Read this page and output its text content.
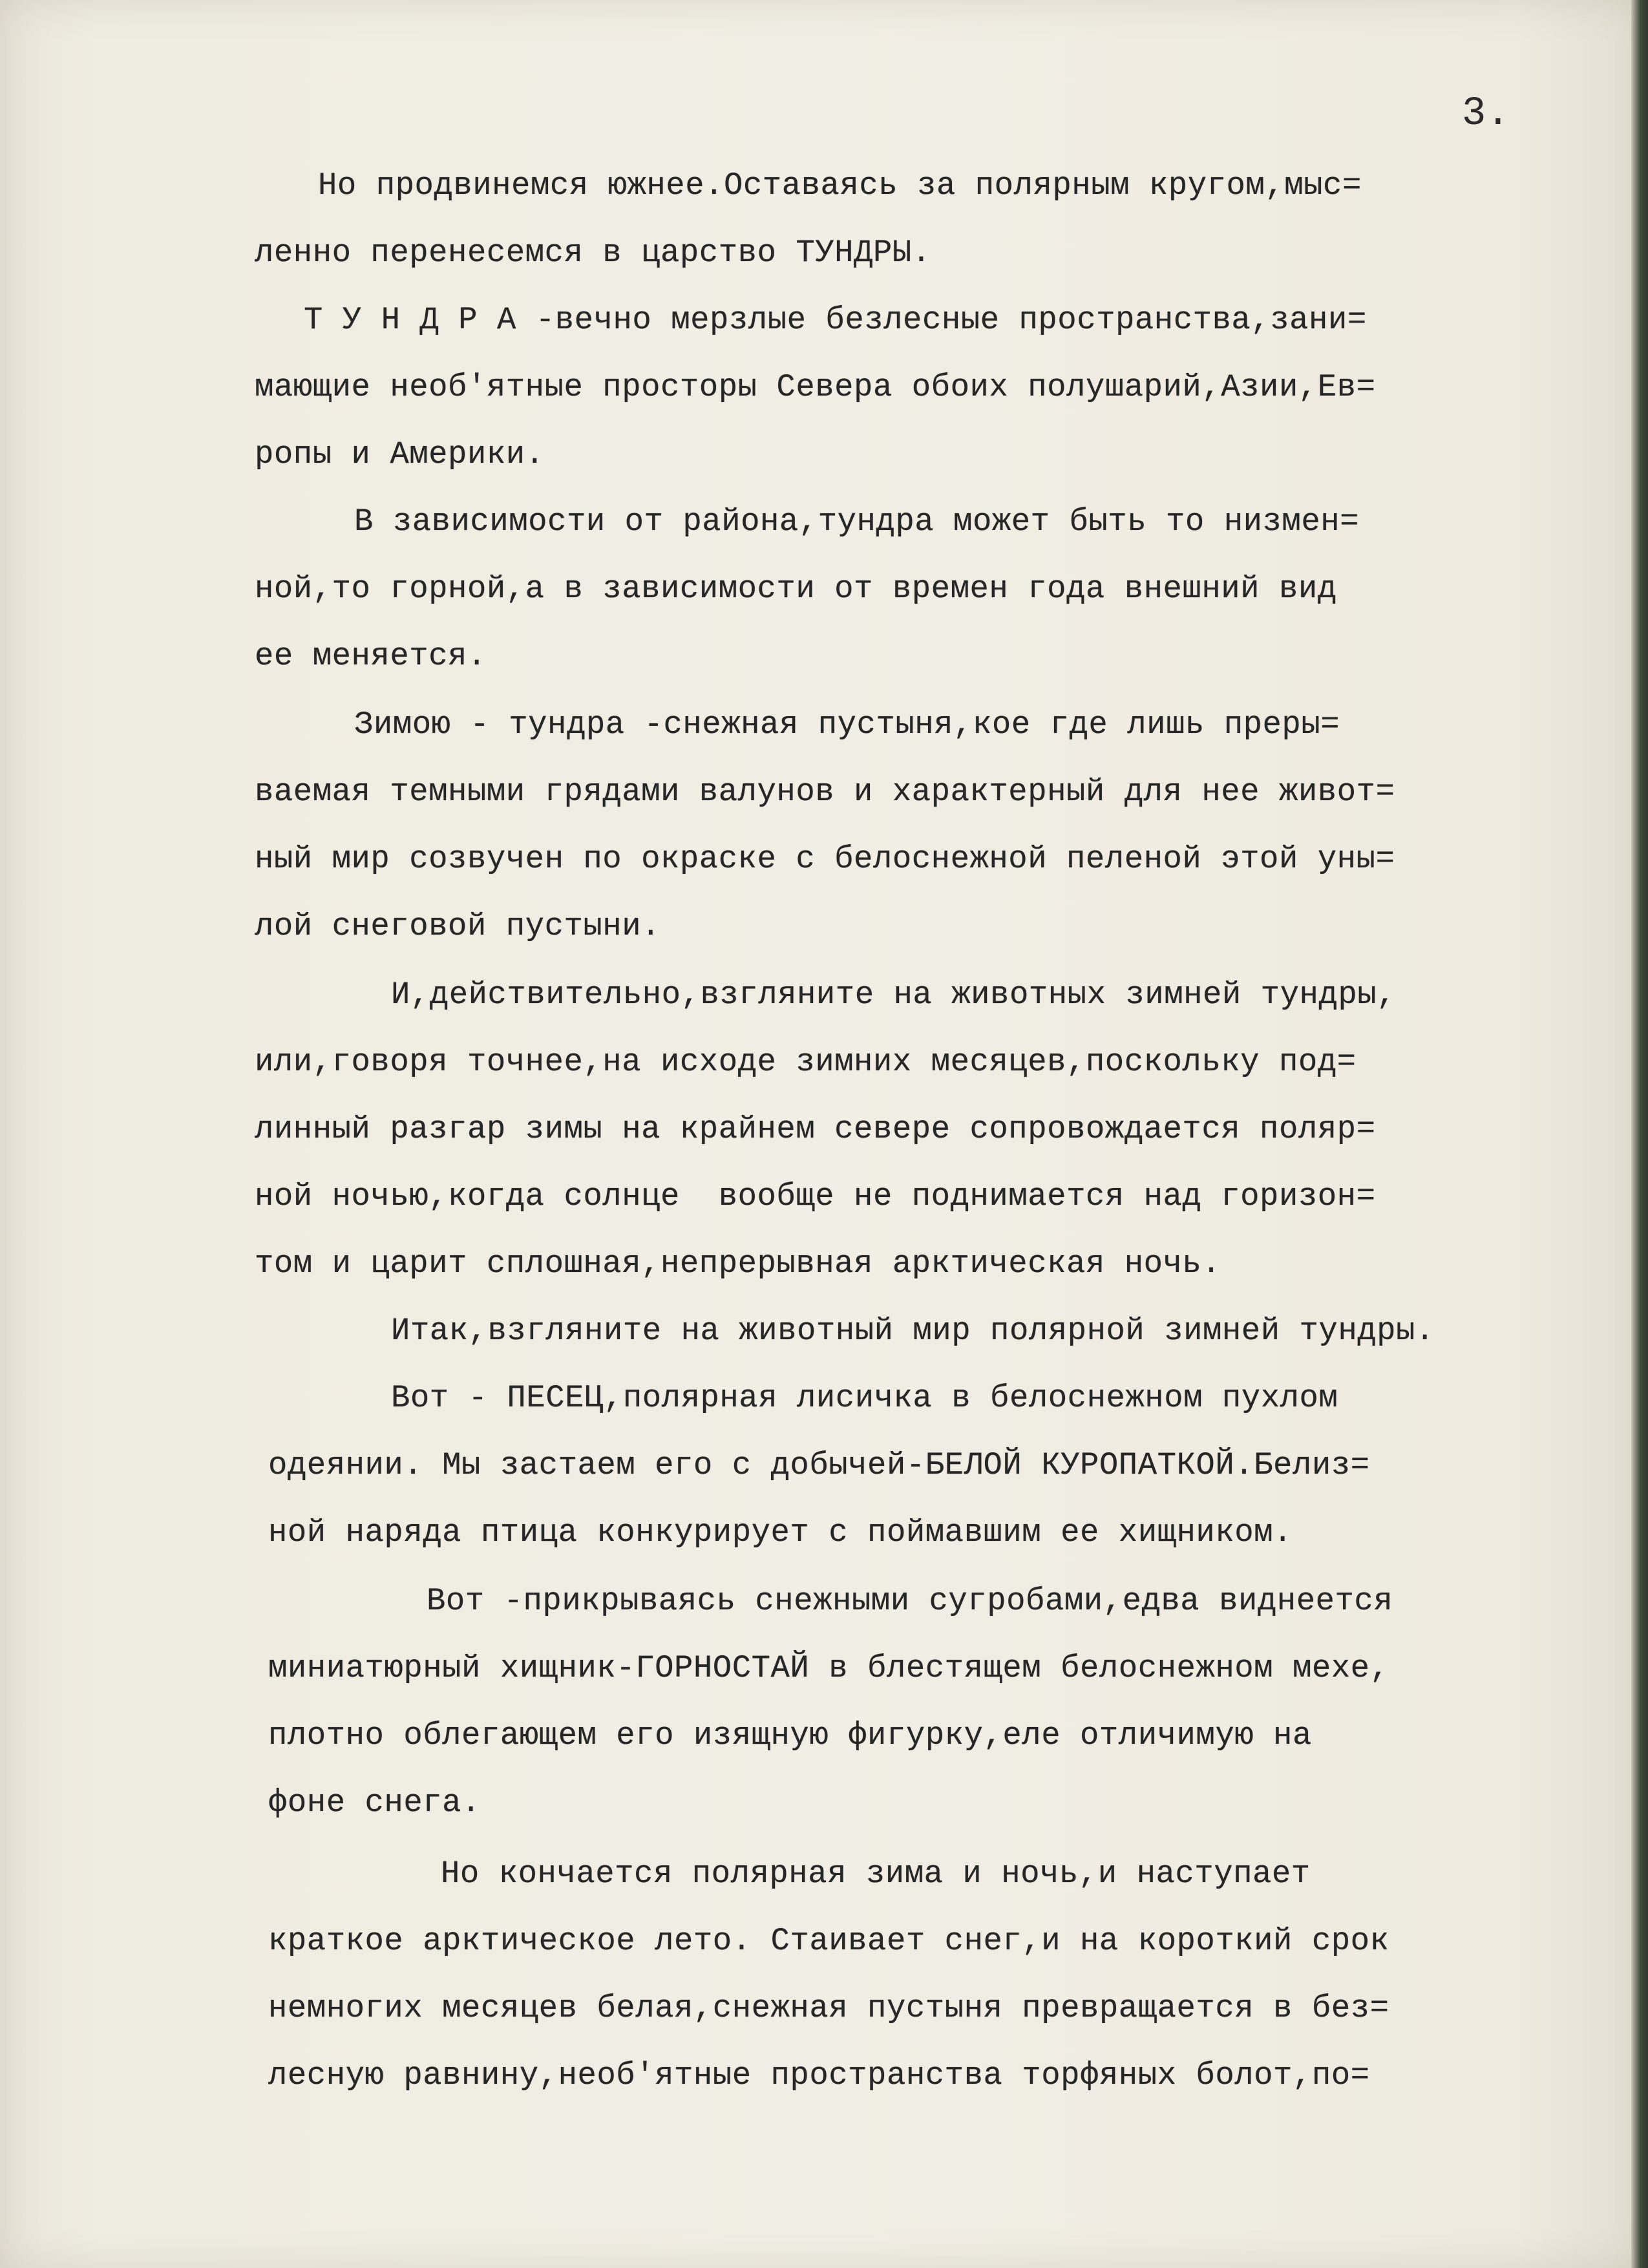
3.

Но продвинемся южнее.Оставаясь за полярным кругом,мыс=

ленно перенесемся в царство ТУНДРЫ.

Т У Н Д Р А -вечно мерзлые безлесные пространства,зани=

мающие необ'ятные просторы Севера обоих полушарий,Азии,Ев=

ропы и Америки.

В зависимости от района,тундра может быть то низмен=

ной,то горной,а в зависимости от времен года внешний вид

ее меняется.

Зимою - тундра -снежная пустыня,кое где лишь преры=

ваемая темными грядами валунов и характерный для нее живот=

ный мир созвучен по окраске с белоснежной пеленой этой уны=

лой снеговой пустыни.

И,действительно,взгляните на животных зимней тундры,

или,говоря точнее,на исходе зимних месяцев,поскольку под=

линный разгар зимы на крайнем севере сопровождается поляр=

ной ночью,когда солнце  вообще не поднимается над горизон=

том и царит сплошная,непрерывная арктическая ночь.

Итак,взгляните на животный мир полярной зимней тундры.

Вот - ПЕСЕЦ,полярная лисичка в белоснежном пухлом

одеянии. Мы застаем его с добычей-БЕЛОЙ КУРОПАТКОЙ.Белиз=

ной наряда птица конкурирует с поймавшим ее хищником.

Вот -прикрываясь снежными сугробами,едва виднеется

миниатюрный хищник-ГОРНОСТАЙ в блестящем белоснежном мехе,

плотно облегающем его изящную фигурку,еле отличимую на

фоне снега.

Но кончается полярная зима и ночь,и наступает

краткое арктическое лето. Стаивает снег,и на короткий срок

немногих месяцев белая,снежная пустыня превращается в без=

лесную равнину,необ'ятные пространства торфяных болот,по=
